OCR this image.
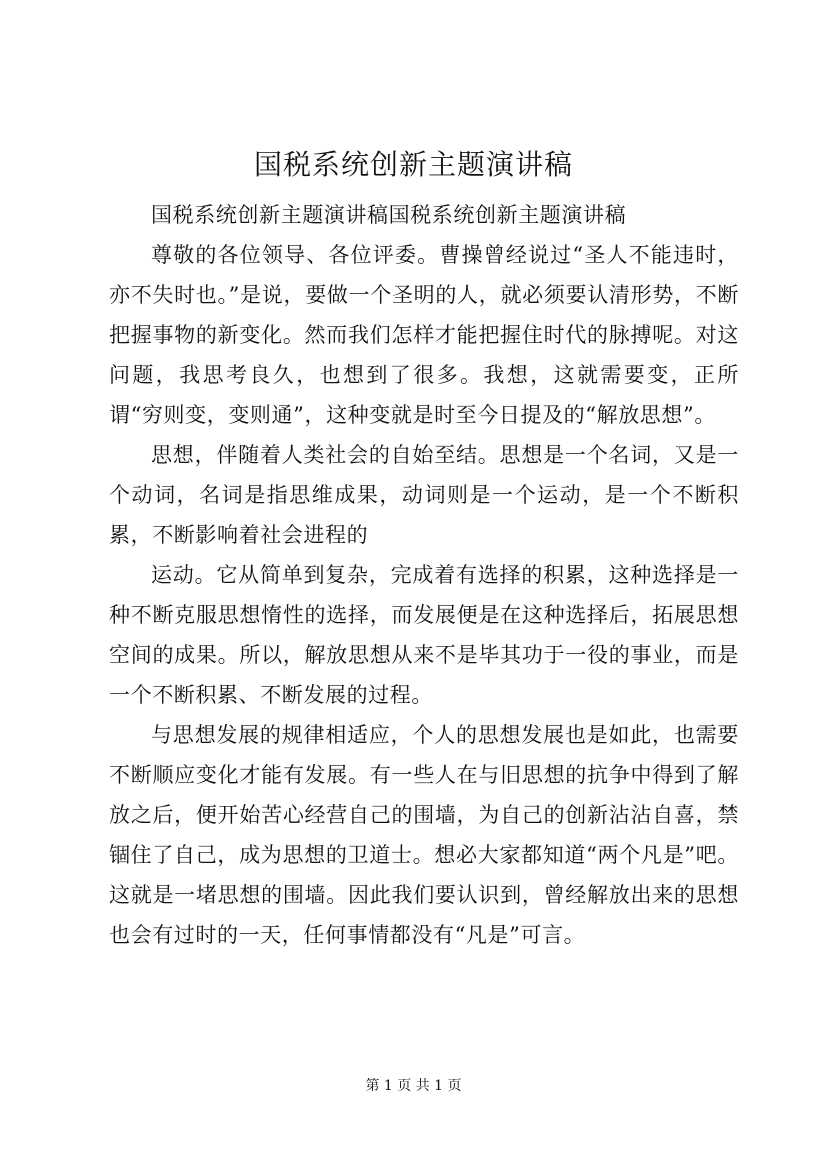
国税系统创新主题演讲稿

国税系统创新主题演讲稿国税系统创新主题演讲稿

尊敬的各位领导、各位评委。曹操曾经说过“圣人不能违时，亦不失时也。”是说，要做一个圣明的人，就必须要认清形势，不断把握事物的新变化。然而我们怎样才能把握住时代的脉搏呢。对这问题，我思考良久，也想到了很多。我想，这就需要变，正所谓“穷则变，变则通”，这种变就是时至今日提及的“解放思想”。

思想，伴随着人类社会的自始至结。思想是一个名词，又是一个动词，名词是指思维成果，动词则是一个运动，是一个不断积累，不断影响着社会进程的

运动。它从简单到复杂，完成着有选择的积累，这种选择是一种不断克服思想惰性的选择，而发展便是在这种选择后，拓展思想空间的成果。所以，解放思想从来不是毕其功于一役的事业，而是一个不断积累、不断发展的过程。

与思想发展的规律相适应，个人的思想发展也是如此，也需要不断顺应变化才能有发展。有一些人在与旧思想的抗争中得到了解放之后，便开始苦心经营自己的围墙，为自己的创新沾沾自喜，禁锢住了自己，成为思想的卫道士。想必大家都知道“两个凡是”吧。这就是一堵思想的围墙。因此我们要认识到，曾经解放出来的思想也会有过时的一天，任何事情都没有“凡是”可言。

第 1 页 共 1 页
